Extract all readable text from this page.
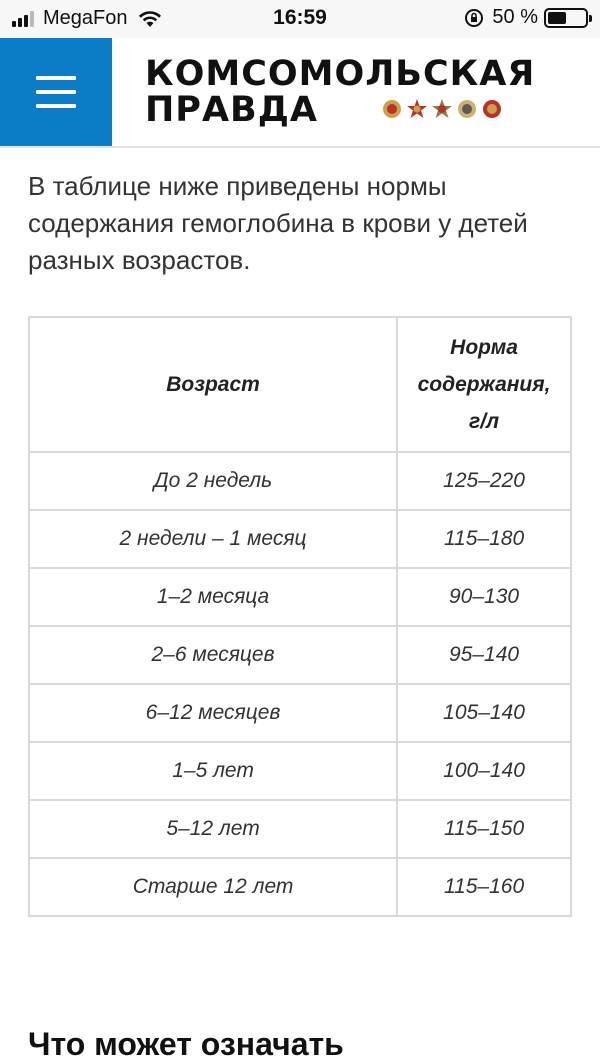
MegaFon	16:59	50 %
КОМСОМОЛЬСКАЯ
ПРАВДА

В таблице ниже приведены нормы содержания гемоглобина в крови у детей разных возрастов.

Возраст	Норма содержания, г/л
До 2 недель	125–220
2 недели – 1 месяц	115–180
1–2 месяца	90–130
2–6 месяцев	95–140
6–12 месяцев	105–140
1–5 лет	100–140
5–12 лет	115–150
Старше 12 лет	115–160
Что может означать
